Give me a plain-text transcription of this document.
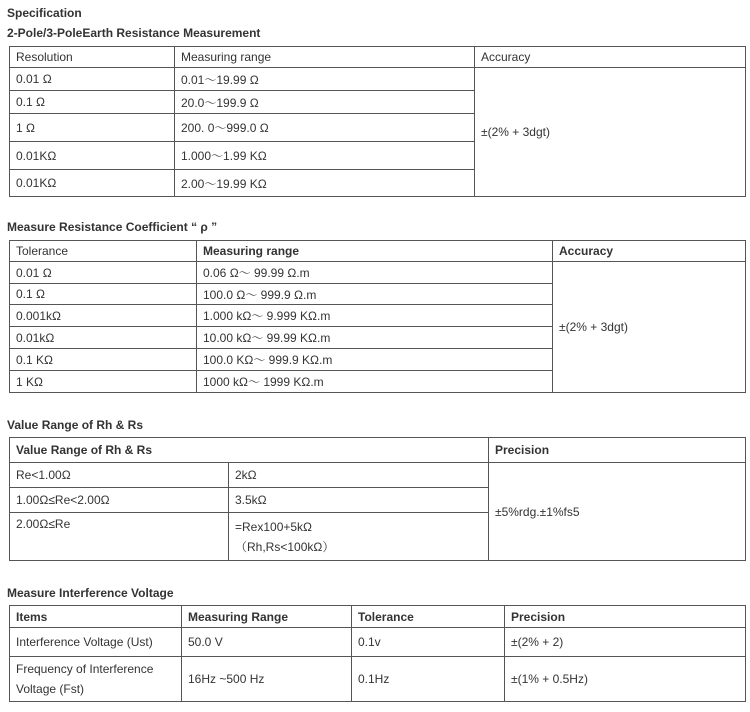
Specification
2-Pole/3-PoleEarth Resistance Measurement
Resolution	Measuring range	Accuracy
0.01 Ω	0.01～19.99 Ω	±(2% + 3dgt)
0.1 Ω	20.0～199.9 Ω	
1 Ω	200. 0～999.0 Ω	
0.01KΩ	1.000～1.99 KΩ	
0.01KΩ	2.00～19.99 KΩ	
Measure Resistance Coefficient “ ρ ”
Tolerance	Measuring range	Accuracy
0.01 Ω	0.06 Ω～ 99.99 Ω.m	±(2% + 3dgt)
0.1 Ω	100.0 Ω～ 999.9 Ω.m	
0.001kΩ	1.000 kΩ～ 9.999 KΩ.m	
0.01kΩ	10.00 kΩ～ 99.99 KΩ.m	
0.1 KΩ	100.0 KΩ～ 999.9 KΩ.m	
1 KΩ	1000 kΩ～ 1999 KΩ.m	
Value Range of Rh & Rs
Value Range of Rh & Rs		Precision
Re<1.00Ω	2kΩ	±5%rdg.±1%fs5
1.00Ω≤Re<2.00Ω	3.5kΩ	
2.00Ω≤Re	=Rex100+5kΩ
（Rh,Rs<100kΩ）	
Measure Interference Voltage
Items	Measuring Range	Tolerance	Precision
Interference Voltage (Ust)	50.0 V	0.1v	±(2% + 2)

Frequency of Interference
Voltage (Fst)	16Hz ~500 Hz	0.1Hz	±(1% + 0.5Hz)
